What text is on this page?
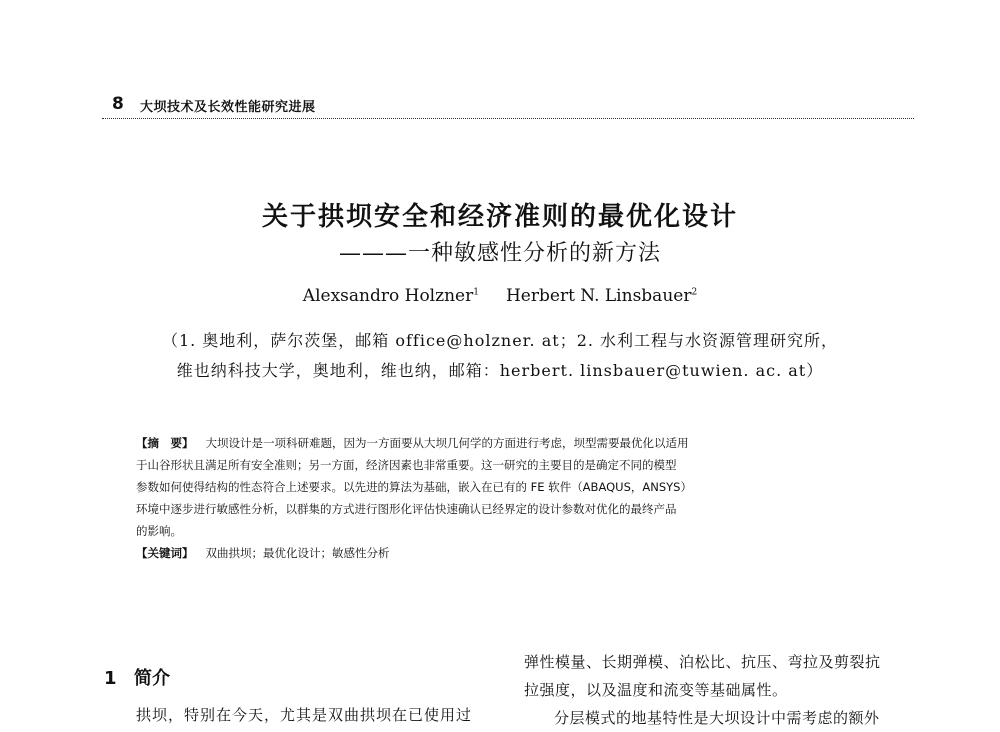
8 大坝技术及长效性能研究进展
关于拱坝安全和经济准则的最优化设计
———一种敏感性分析的新方法
Alexsandro Holzner$^1$ Herbert N. Linsbauer$^2$
（1. 奥地利，萨尔茨堡，邮箱 office@holzner. at；2. 水利工程与水资源管理研究所，
维也纳科技大学，奥地利，维也纳，邮箱：herbert. linsbauer@tuwien. ac. at）
【摘　要】 大坝设计是一项科研难题，因为一方面要从大坝几何学的方面进行考虑，坝型需要最优化以适用
于山谷形状且满足所有安全准则；另一方面，经济因素也非常重要。这一研究的主要目的是确定不同的模型
参数如何使得结构的性态符合上述要求。以先进的算法为基础，嵌入在已有的 FE 软件（ABAQUS，ANSYS）
环境中逐步进行敏感性分析，以群集的方式进行图形化评估快速确认已经界定的设计参数对优化的最终产品
的影响。
【关键词】 双曲拱坝；最优化设计；敏感性分析
1 简介
拱坝，特别在今天，尤其是双曲拱坝在已使用过
弹性模量、长期弹模、泊松比、抗压、弯拉及剪裂抗
拉强度，以及温度和流变等基础属性。
分层模式的地基特性是大坝设计中需考虑的额外
